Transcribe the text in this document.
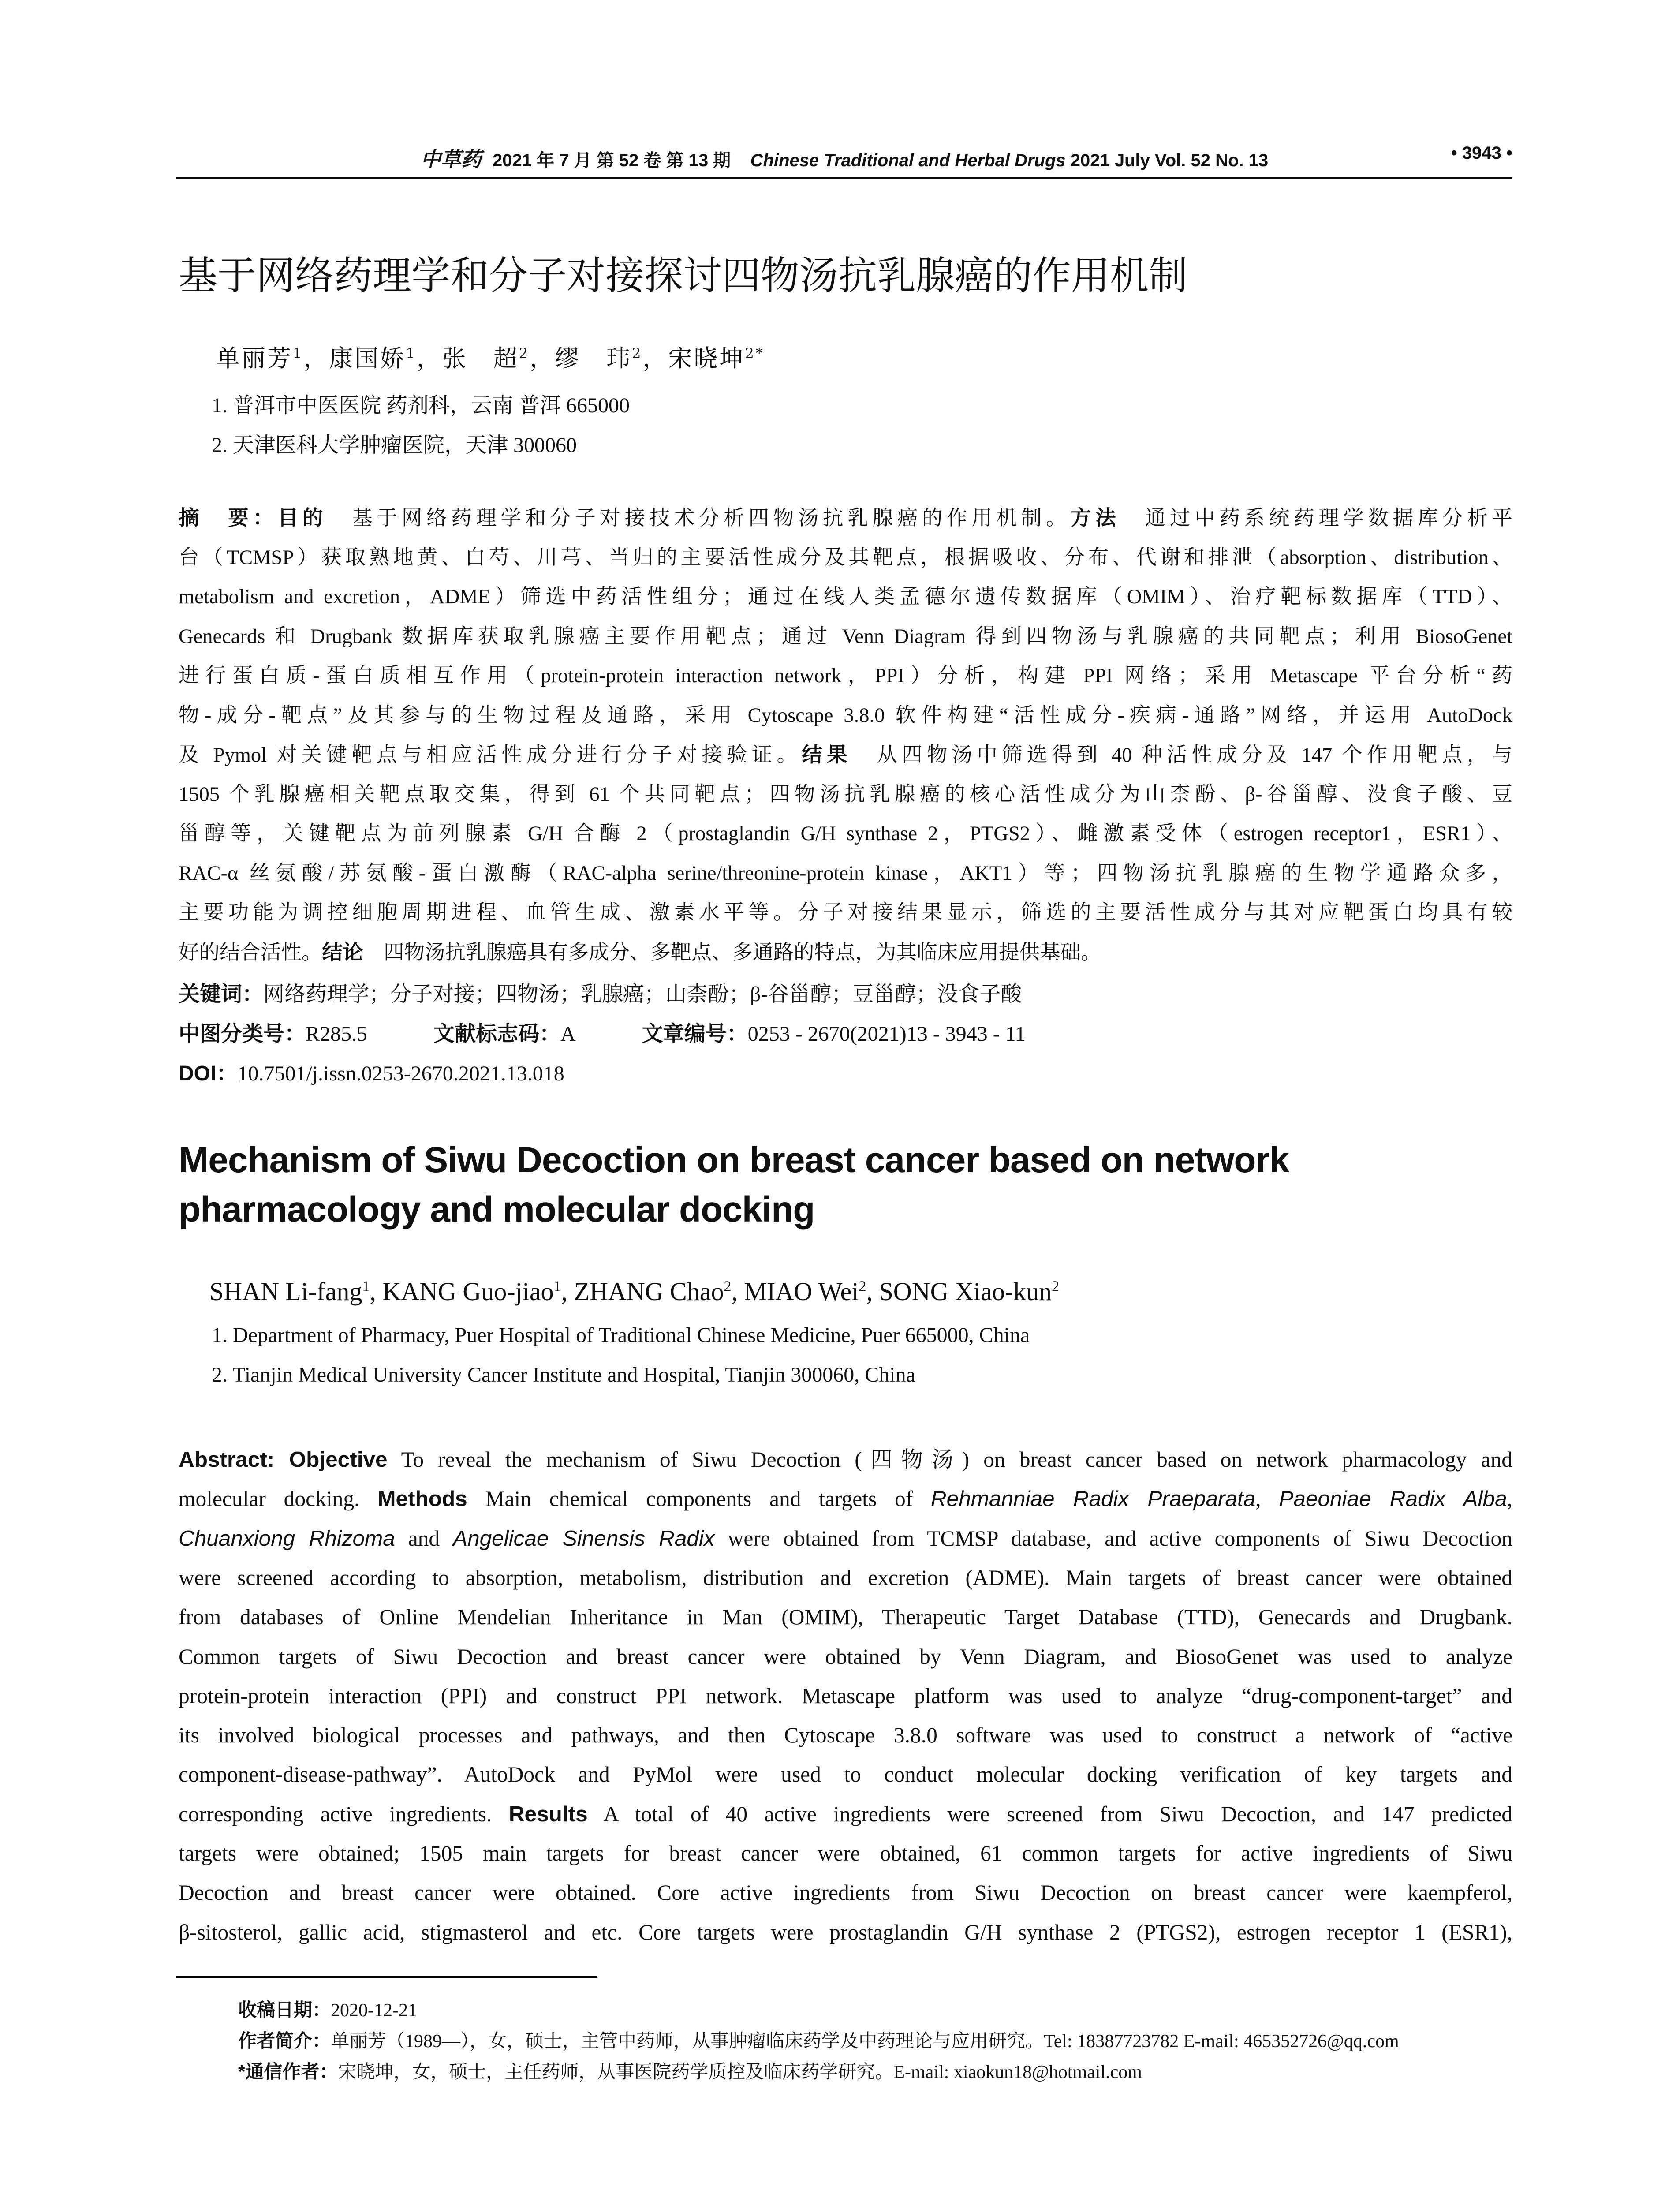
中草药 2021 年 7 月 第 52 卷 第 13 期 Chinese Traditional and Herbal Drugs 2021 July Vol. 52 No. 13	• 3943 •
基于网络药理学和分子对接探讨四物汤抗乳腺癌的作用机制
单丽芳$^1$，康国娇$^1$，张　超$^2$，缪　玮$^2$，宋晓坤$^{2*}$
1. 普洱市中医医院 药剂科，云南 普洱 665000
2. 天津医科大学肿瘤医院，天津 300060
摘　要：目的　基于网络药理学和分子对接技术分析四物汤抗乳腺癌的作用机制。方法　通过中药系统药理学数据库分析平
台（TCMSP）获取熟地黄、白芍、川芎、当归的主要活性成分及其靶点，根据吸收、分布、代谢和排泄（absorption、distribution、
metabolism and excretion，ADME）筛选中药活性组分；通过在线人类孟德尔遗传数据库（OMIM）、治疗靶标数据库（TTD）、
Genecards 和 Drugbank 数据库获取乳腺癌主要作用靶点；通过 Venn Diagram 得到四物汤与乳腺癌的共同靶点；利用 BiosoGenet
进行蛋白质-蛋白质相互作用（protein-protein interaction network，PPI）分析，构建 PPI 网络；采用 Metascape 平台分析“药
物-成分-靶点”及其参与的生物过程及通路，采用 Cytoscape 3.8.0 软件构建“活性成分-疾病-通路”网络，并运用 AutoDock
及 Pymol 对关键靶点与相应活性成分进行分子对接验证。结果　从四物汤中筛选得到 40 种活性成分及 147 个作用靶点，与
1505 个乳腺癌相关靶点取交集，得到 61 个共同靶点；四物汤抗乳腺癌的核心活性成分为山柰酚、β-谷甾醇、没食子酸、豆
甾醇等，关键靶点为前列腺素 G/H 合酶 2（prostaglandin G/H synthase 2，PTGS2）、雌激素受体（estrogen receptor1，ESR1）、
RAC-α 丝氨酸/苏氨酸-蛋白激酶（RAC-alpha serine/threonine-protein kinase，AKT1）等；四物汤抗乳腺癌的生物学通路众多，
主要功能为调控细胞周期进程、血管生成、激素水平等。分子对接结果显示，筛选的主要活性成分与其对应靶蛋白均具有较
好的结合活性。结论　四物汤抗乳腺癌具有多成分、多靶点、多通路的特点，为其临床应用提供基础。
关键词：网络药理学；分子对接；四物汤；乳腺癌；山柰酚；β-谷甾醇；豆甾醇；没食子酸
中图分类号：R285.5	文献标志码：A	文章编号：0253 - 2670(2021)13 - 3943 - 11
DOI：10.7501/j.issn.0253-2670.2021.13.018
Mechanism of Siwu Decoction on breast cancer based on network pharmacology and molecular docking
SHAN Li-fang$^1$, KANG Guo-jiao$^1$, ZHANG Chao$^2$, MIAO Wei$^2$, SONG Xiao-kun$^2$
1. Department of Pharmacy, Puer Hospital of Traditional Chinese Medicine, Puer 665000, China
2. Tianjin Medical University Cancer Institute and Hospital, Tianjin 300060, China
Abstract: Objective To reveal the mechanism of Siwu Decoction (四物汤) on breast cancer based on network pharmacology and
molecular docking. Methods Main chemical components and targets of Rehmanniae Radix Praeparata, Paeoniae Radix Alba,
Chuanxiong Rhizoma and Angelicae Sinensis Radix were obtained from TCMSP database, and active components of Siwu Decoction
were screened according to absorption, metabolism, distribution and excretion (ADME). Main targets of breast cancer were obtained
from databases of Online Mendelian Inheritance in Man (OMIM), Therapeutic Target Database (TTD), Genecards and Drugbank.
Common targets of Siwu Decoction and breast cancer were obtained by Venn Diagram, and BiosoGenet was used to analyze
protein-protein interaction (PPI) and construct PPI network. Metascape platform was used to analyze “drug-component-target” and
its involved biological processes and pathways, and then Cytoscape 3.8.0 software was used to construct a network of “active
component-disease-pathway”. AutoDock and PyMol were used to conduct molecular docking verification of key targets and
corresponding active ingredients. Results A total of 40 active ingredients were screened from Siwu Decoction, and 147 predicted
targets were obtained; 1505 main targets for breast cancer were obtained, 61 common targets for active ingredients of Siwu
Decoction and breast cancer were obtained. Core active ingredients from Siwu Decoction on breast cancer were kaempferol,
β-sitosterol, gallic acid, stigmasterol and etc. Core targets were prostaglandin G/H synthase 2 (PTGS2), estrogen receptor 1 (ESR1),
收稿日期：2020-12-21
作者简介：单丽芳（1989—），女，硕士，主管中药师，从事肿瘤临床药学及中药理论与应用研究。Tel: 18387723782 E-mail: 465352726@qq.com
*通信作者：宋晓坤，女，硕士，主任药师，从事医院药学质控及临床药学研究。E-mail: xiaokun18@hotmail.com
